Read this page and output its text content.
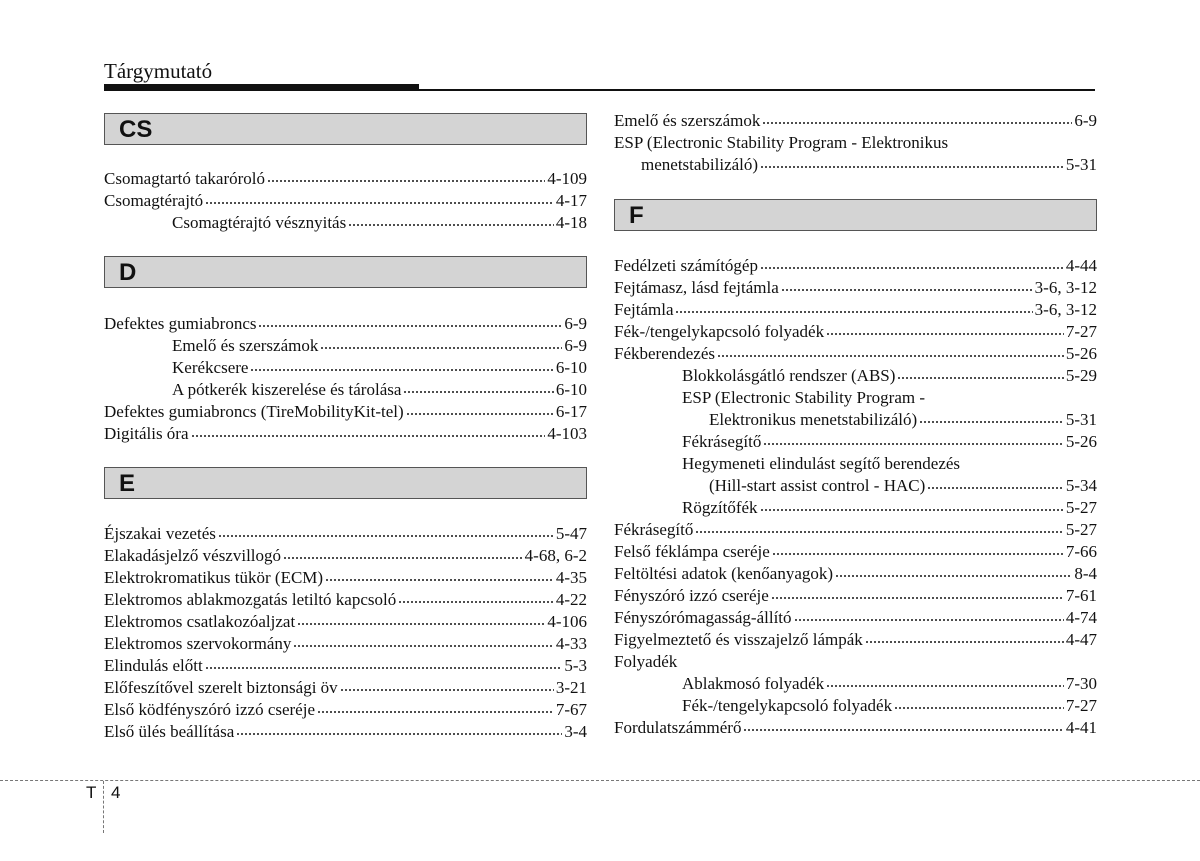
Tárgymutató
CS
Csomagtartó takaróroló	4-109
Csomagtérajtó	4-17
Csomagtérajtó vésznyitás	4-18
D
Defektes gumiabroncs	6-9
Emelő és szerszámok	6-9
Kerékcsere	6-10
A pótkerék kiszerelése és tárolása	6-10
Defektes gumiabroncs (TireMobilityKit-tel)	6-17
Digitális óra	4-103
E
Éjszakai vezetés	5-47
Elakadásjelző vészvillogó	4-68, 6-2
Elektrokromatikus tükör (ECM)	4-35
Elektromos ablakmozgatás letiltó kapcsoló	4-22
Elektromos csatlakozóaljzat	4-106
Elektromos szervokormány	4-33
Elindulás előtt	5-3
Előfeszítővel szerelt biztonsági öv	3-21
Első ködfényszóró izzó cseréje	7-67
Első ülés beállítása	3-4
Emelő és szerszámok	6-9
ESP (Electronic Stability Program - Elektronikus
menetstabilizáló)	5-31
F
Fedélzeti számítógép	4-44
Fejtámasz, lásd fejtámla	3-6, 3-12
Fejtámla	3-6, 3-12
Fék-/tengelykapcsoló folyadék	7-27
Fékberendezés	5-26
Blokkolásgátló rendszer (ABS)	5-29
ESP (Electronic Stability Program -
Elektronikus menetstabilizáló)	5-31
Fékrásegítő	5-26
Hegymeneti elindulást segítő berendezés
(Hill-start assist control - HAC)	5-34
Rögzítőfék	5-27
Fékrásegítő	5-27
Felső féklámpa cseréje	7-66
Feltöltési adatok (kenőanyagok)	8-4
Fényszóró izzó cseréje	7-61
Fényszórómagasság-állító	4-74
Figyelmeztető és visszajelző lámpák	4-47
Folyadék
Ablakmosó folyadék	7-30
Fék-/tengelykapcsoló folyadék	7-27
Fordulatszámmérő	4-41
T 4
